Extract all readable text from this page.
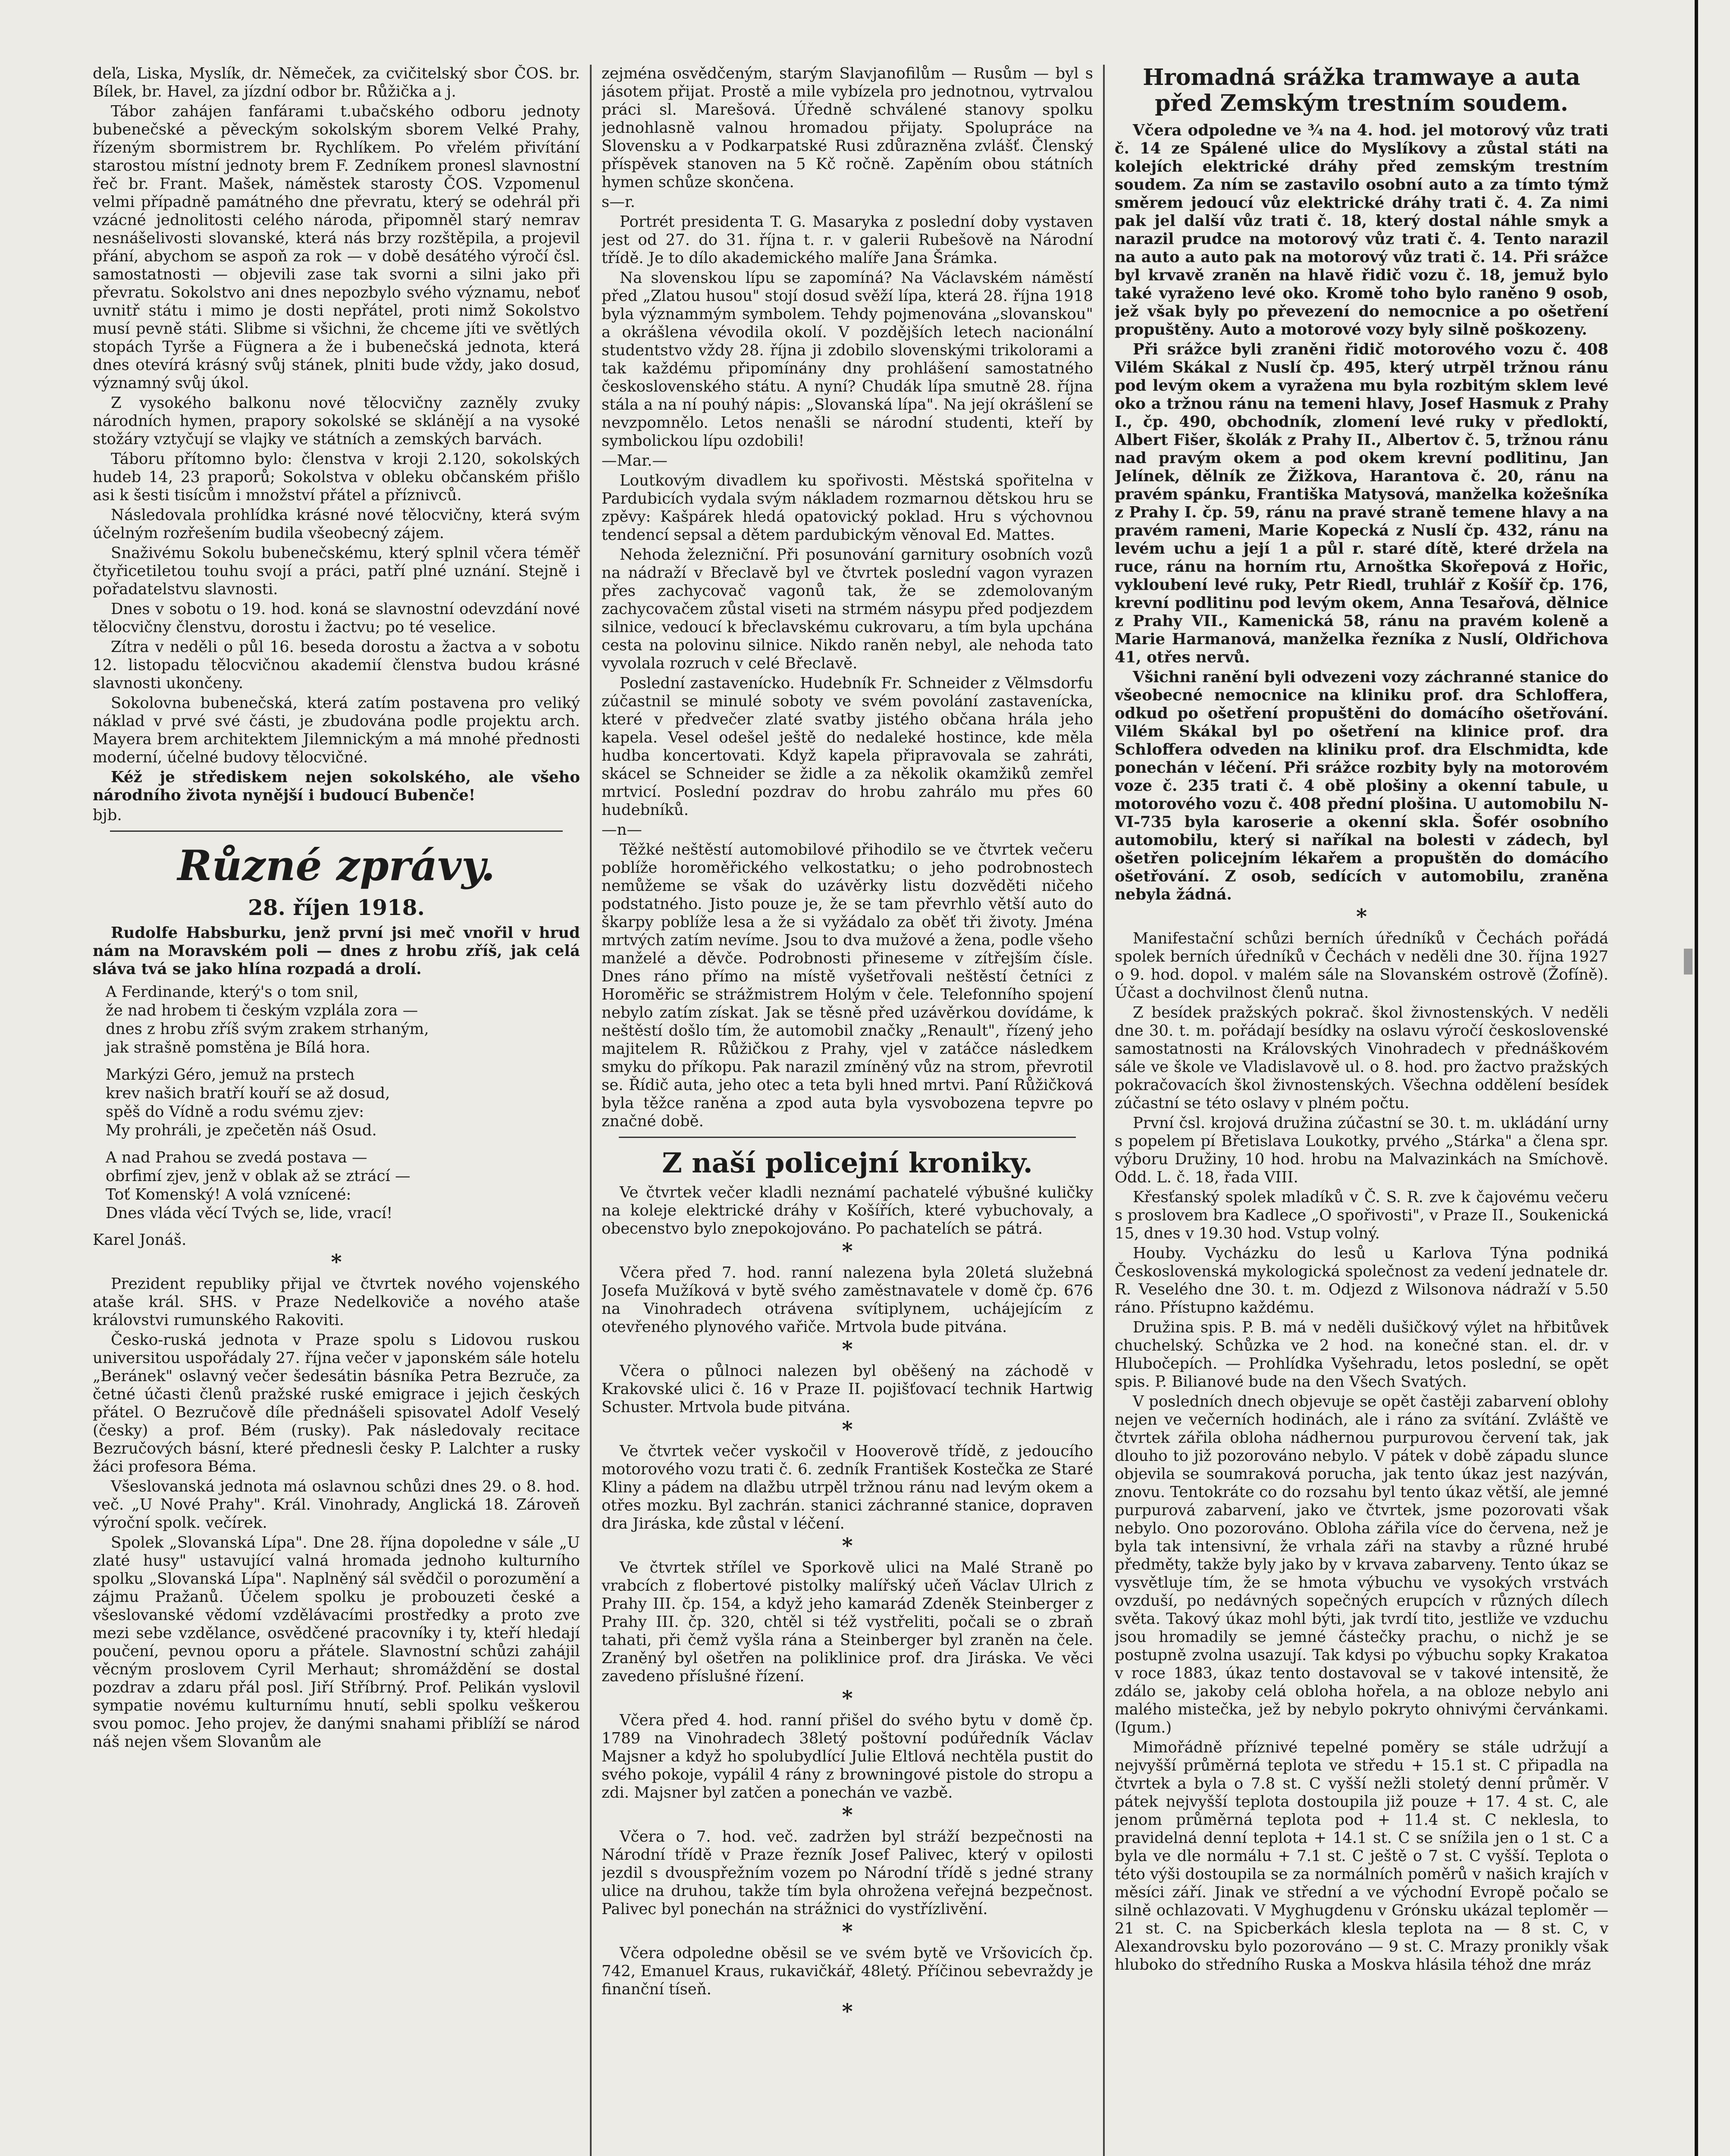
deľa, Liska, Myslík, dr. Němeček, za cvičitelský sbor ČOS. br. Bílek, br. Havel, za jízdní odbor br. Růžička a j.

Tábor zahájen fanfárami t.ubačského odboru jednoty bubenečské a pěveckým sokolským sborem Velké Prahy, řízeným sbormistrem br. Rychlíkem. Po vřelém přivítání starostou místní jednoty brem F. Zedníkem pronesl slavnostní řeč br. Frant. Mašek, náměstek starosty ČOS. Vzpomenul velmi případně památného dne převratu, který se odehrál při vzácné jednolitosti celého národa, připomněl starý nemrav nesnášelivosti slovanské, která nás brzy rozštěpila, a projevil přání, abychom se aspoň za rok — v době desátého výročí čsl. samostatnosti — objevili zase tak svorni a silni jako při převratu. Sokolstvo ani dnes nepozbylo svého významu, neboť uvnitř státu i mimo je dosti nepřátel, proti nimž Sokolstvo musí pevně státi. Slibme si všichni, že chceme jíti ve světlých stopách Tyrše a Fügnera a že i bubenečská jednota, která dnes otevírá krásný svůj stánek, plniti bude vždy, jako dosud, významný svůj úkol.

Z vysokého balkonu nové tělocvičny zazněly zvuky národních hymen, prapory sokolské se sklánějí a na vysoké stožáry vztyčují se vlajky ve státních a zemských barvách.

Táboru přítomno bylo: členstva v kroji 2.120, sokolských hudeb 14, 23 praporů; Sokolstva v obleku občanském přišlo asi k šesti tisícům i množství přátel a příznivců.

Následovala prohlídka krásné nové tělocvičny, která svým účelným rozřešením budila všeobecný zájem.

Snaživému Sokolu bubenečskému, který splnil včera téměř čtyřicetiletou touhu svojí a práci, patří plné uznání. Stejně i pořadatelstvu slavnosti.

Dnes v sobotu o 19. hod. koná se slavnostní odevzdání nové tělocvičny členstvu, dorostu i žactvu; po té veselice.

Zítra v neděli o půl 16. beseda dorostu a žactva a v sobotu 12. listopadu tělocvičnou akademií členstva budou krásné slavnosti ukončeny.

Sokolovna bubenečská, která zatím postavena pro veliký náklad v prvé své části, je zbudována podle projektu arch. Mayera brem architektem Jilemnickým a má mnohé přednosti moderní, účelné budovy tělocvičné.

Kéž je střediskem nejen sokolského, ale všeho národního života nynější i budoucí Bubenče!

bjb.

Různé zprávy.
28. říjen 1918.

Rudolfe Habsburku, jenž první jsi meč vnořil v hruď nám na Moravském poli — dnes z hrobu zříš, jak celá sláva tvá se jako hlína rozpadá a drolí.

A Ferdinande, který's o tom snil,
že nad hrobem ti českým vzplála zora —
dnes z hrobu zříš svým zrakem strhaným,
jak strašně pomstěna je Bílá hora.
Markýzi Géro, jemuž na prstech
krev našich bratří kouří se až dosud,
spěš do Vídně a rodu svému zjev:
My prohráli, je zpečetěn náš Osud.
A nad Prahou se zvedá postava —
obrfimí zjev, jenž v oblak až se ztrácí —
Toť Komenský! A volá vznícené:
Dnes vláda věcí Tvých se, lide, vrací!

Karel Jonáš.

*

Prezident republiky přijal ve čtvrtek nového vojenského ataše král. SHS. v Praze Nedelkoviče a nového ataše královstvi rumunského Rakoviti.

Česko-ruská jednota v Praze spolu s Lidovou ruskou universitou uspořádaly 27. října večer v japonském sále hotelu „Beránek" oslavný večer šedesátin básníka Petra Bezruče, za četné účasti členů pražské ruské emigrace i jejich českých přátel. O Bezručově díle přednášeli spisovatel Adolf Veselý (česky) a prof. Bém (rusky). Pak následovaly recitace Bezručových básní, které přednesli česky P. Lalchter a rusky žáci profesora Béma.

Všeslovanská jednota má oslavnou schůzi dnes 29. o 8. hod. več. „U Nové Prahy". Král. Vinohrady, Anglická 18. Zároveň výroční spolk. večírek.

Spolek „Slovanská Lípa". Dne 28. října dopoledne v sále „U zlaté husy" ustavující valná hromada jednoho kulturního spolku „Slovanská Lípa". Naplněný sál svědčil o porozumění a zájmu Pražanů. Účelem spolku je probouzeti české a všeslovanské vědomí vzdělávacími prostředky a proto zve mezi sebe vzdělance, osvědčené pracovníky i ty, kteří hledají poučení, pevnou oporu a přátele. Slavnostní schůzi zahájil věcným proslovem Cyril Merhaut; shromáždění se dostal pozdrav a zdaru přál posl. Jiří Stříbrný. Prof. Pelikán vyslovil sympatie novému kulturnímu hnutí, sebli spolku veškerou svou pomoc. Jeho projev, že danými snahami přiblíží se národ náš nejen všem Slovanům ale

zejména osvědčeným, starým Slavjanofilům — Rusům — byl s jásotem přijat. Prostě a mile vybízela pro jednotnou, vytrvalou práci sl. Marešová. Úředně schválené stanovy spolku jednohlasně valnou hromadou přijaty. Spolupráce na Slovensku a v Podkarpatské Rusi zdůrazněna zvlášť. Členský příspěvek stanoven na 5 Kč ročně. Zapěním obou státních hymen schůze skončena.

s—r.

Portrét presidenta T. G. Masaryka z poslední doby vystaven jest od 27. do 31. října t. r. v galerii Rubešově na Národní třídě. Je to dílo akademického malíře Jana Šrámka.

Na slovenskou lípu se zapomíná? Na Václavském náměstí před „Zlatou husou" stojí dosud svěží lípa, která 28. října 1918 byla význammým symbolem. Tehdy pojmenována „slovanskou" a okrášlena vévodila okolí. V pozdějších letech nacionální studentstvo vždy 28. října ji zdobilo slovenskými trikolorami a tak každému připomínány dny prohlášení samostatného československého státu. A nyní? Chudák lípa smutně 28. října stála a na ní pouhý nápis: „Slovanská lípa". Na její okrášlení se nevzpomnělo. Letos nenašli se národní studenti, kteří by symbolickou lípu ozdobili!

—Mar.—

Loutkovým divadlem ku spořivosti. Městská spořitelna v Pardubicích vydala svým nákladem rozmarnou dětskou hru se zpěvy: Kašpárek hledá opatovický poklad. Hru s výchovnou tendencí sepsal a dětem pardubickým věnoval Ed. Mattes.

Nehoda železniční. Při posunování garnitury osobních vozů na nádraží v Břeclavě byl ve čtvrtek poslední vagon vyrazen přes zachycovač vagonů tak, že se zdemolovaným zachycovačem zůstal viseti na strmém násypu před podjezdem silnice, vedoucí k břeclavskému cukrovaru, a tím byla upchána cesta na polovinu silnice. Nikdo raněn nebyl, ale nehoda tato vyvolala rozruch v celé Břeclavě.

Poslední zastavenícko. Hudebník Fr. Schneider z Vělmsdorfu zúčastnil se minulé soboty ve svém povolání zastavenícka, které v předvečer zlaté svatby jistého občana hrála jeho kapela. Vesel odešel ještě do nedaleké hostince, kde měla hudba koncertovati. Když kapela připravovala se zahráti, skácel se Schneider se židle a za několik okamžiků zemřel mrtvicí. Poslední pozdrav do hrobu zahrálo mu přes 60 hudebníků.

—n—

Těžké neštěstí automobilové přihodilo se ve čtvrtek večeru poblíže horoměřického velkostatku; o jeho podrobnostech nemůžeme se však do uzávěrky listu dozvěděti ničeho podstatného. Jisto pouze je, že se tam převrhlo větší auto do škarpy poblíže lesa a že si vyžádalo za oběť tři životy. Jména mrtvých zatím nevíme. Jsou to dva mužové a žena, podle všeho manželé a děvče. Podrobnosti přineseme v zítřejším čísle. Dnes ráno přímo na místě vyšetřovali neštěstí četníci z Horoměřic se strážmistrem Holým v čele. Telefonního spojení nebylo zatím získat. Jak se těsně před uzávěrkou dovídáme, k neštěstí došlo tím, že automobil značky „Renault", řízený jeho majitelem R. Růžičkou z Prahy, vjel v zatáčce následkem smyku do příkopu. Pak narazil zmíněný vůz na strom, převrotil se. Řídič auta, jeho otec a teta byli hned mrtvi. Paní Růžičková byla těžce raněna a zpod auta byla vysvobozena tepvre po značné době.

Z naší policejní kroniky.

Ve čtvrtek večer kladli neznámí pachatelé výbušné kuličky na koleje elektrické dráhy v Košířích, které vybuchovaly, a obecenstvo bylo znepokojováno. Po pachatelích se pátrá.

*

Včera před 7. hod. ranní nalezena byla 20letá služebná Josefa Mužíková v bytě svého zaměstnavatele v domě čp. 676 na Vinohradech otrávena svítiplynem, uchájejícím z otevřeného plynového vařiče. Mrtvola bude pitvána.

*

Včera o půlnoci nalezen byl oběšený na záchodě v Krakovské ulici č. 16 v Praze II. pojišťovací technik Hartwig Schuster. Mrtvola bude pitvána.

*

Ve čtvrtek večer vyskočil v Hooverově třídě, z jedoucího motorového vozu trati č. 6. zedník František Kostečka ze Staré Kliny a pádem na dlažbu utrpěl tržnou ránu nad levým okem a otřes mozku. Byl zachrán. stanici záchranné stanice, dopraven dra Jiráska, kde zůstal v léčení.

*

Ve čtvrtek střílel ve Sporkově ulici na Malé Straně po vrabcích z flobertové pistolky malířský učeň Václav Ulrich z Prahy III. čp. 154, a když jeho kamarád Zdeněk Steinberger z Prahy III. čp. 320, chtěl si též vystřeliti, počali se o zbraň tahati, při čemž vyšla rána a Steinberger byl zraněn na čele. Zraněný byl ošetřen na poliklinice prof. dra Jiráska. Ve věci zavedeno příslušné řízení.

*

Včera před 4. hod. ranní přišel do svého bytu v domě čp. 1789 na Vinohradech 38letý poštovní podúředník Václav Majsner a když ho spolubydlící Julie Eltlová nechtěla pustit do svého pokoje, vypálil 4 rány z browningové pistole do stropu a zdi. Majsner byl zatčen a ponechán ve vazbě.

*

Včera o 7. hod. več. zadržen byl stráží bezpečnosti na Národní třídě v Praze řezník Josef Palivec, který v opilosti jezdil s dvouspřežním vozem po Národní třídě s jedné strany ulice na druhou, takže tím byla ohrožena veřejná bezpečnost. Palivec byl ponechán na strážnici do vystřízlivění.

*

Včera odpoledne oběsil se ve svém bytě ve Vršovicích čp. 742, Emanuel Kraus, rukavičkář, 48letý. Příčinou sebevraždy je finanční tíseň.

*
Hromadná srážka tramwaye a auta před Zemským trestním soudem.

Včera odpoledne ve ¾ na 4. hod. jel motorový vůz trati č. 14 ze Spálené ulice do Myslíkovy a zůstal státi na kolejích elektrické dráhy před zemským trestním soudem. Za ním se zastavilo osobní auto a za tímto týmž směrem jedoucí vůz elektrické dráhy trati č. 4. Za nimi pak jel další vůz trati č. 18, který dostal náhle smyk a narazil prudce na motorový vůz trati č. 4. Tento narazil na auto a auto pak na motorový vůz trati č. 14. Při srážce byl krvavě zraněn na hlavě řidič vozu č. 18, jemuž bylo také vyraženo levé oko. Kromě toho bylo raněno 9 osob, jež však byly po převezení do nemocnice a po ošetření propuštěny. Auto a motorové vozy byly silně poškozeny.

Při srážce byli zraněni řidič motorového vozu č. 408 Vilém Skákal z Nuslí čp. 495, který utrpěl tržnou ránu pod levým okem a vyražena mu byla rozbitým sklem levé oko a tržnou ránu na temeni hlavy, Josef Hasmuk z Prahy I., čp. 490, obchodník, zlomení levé ruky v předloktí, Albert Fišer, školák z Prahy II., Albertov č. 5, tržnou ránu nad pravým okem a pod okem krevní podlitinu, Jan Jelínek, dělník ze Žižkova, Harantova č. 20, ránu na pravém spánku, Františka Matysová, manželka kožešníka z Prahy I. čp. 59, ránu na pravé straně temene hlavy a na pravém rameni, Marie Kopecká z Nuslí čp. 432, ránu na levém uchu a její 1 a půl r. staré dítě, které držela na ruce, ránu na horním rtu, Arnoštka Skořepová z Hořic, vykloubení levé ruky, Petr Riedl, truhlář z Košíř čp. 176, krevní podlitinu pod levým okem, Anna Tesařová, dělnice z Prahy VII., Kamenická 58, ránu na pravém koleně a Marie Harmanová, manželka řezníka z Nuslí, Oldřichova 41, otřes nervů.

Všichni ranění byli odvezeni vozy záchranné stanice do všeobecné nemocnice na kliniku prof. dra Schloffera, odkud po ošetření propuštěni do domácího ošetřování. Vilém Skákal byl po ošetření na klinice prof. dra Schloffera odveden na kliniku prof. dra Elschmidta, kde ponechán v léčení. Při srážce rozbity byly na motorovém voze č. 235 trati č. 4 obě plošiny a okenní tabule, u motorového vozu č. 408 přední plošina. U automobilu N-VI-735 byla karoserie a okenní skla. Šofér osobního automobilu, který si naříkal na bolesti v zádech, byl ošetřen policejním lékařem a propuštěn do domácího ošetřování. Z osob, sedících v automobilu, zraněna nebyla žádná.

*

Manifestační schůzi berních úředníků v Čechách pořádá spolek berních úředníků v Čechách v neděli dne 30. října 1927 o 9. hod. dopol. v malém sále na Slovanském ostrově (Žofíně). Účast a dochvilnost členů nutna.

Z besídek pražských pokrač. škol živnostenských. V neděli dne 30. t. m. pořádají besídky na oslavu výročí československé samostatnosti na Královských Vinohradech v přednáškovém sále ve škole ve Vladislavově ul. o 8. hod. pro žactvo pražských pokračovacích škol živnostenských. Všechna oddělení besídek zúčastní se této oslavy v plném počtu.

První čsl. krojová družina zúčastní se 30. t. m. ukládání urny s popelem pí Břetislava Loukotky, prvého „Stárka" a člena spr. výboru Družiny, 10 hod. hrobu na Malvazinkách na Smíchově. Odd. L. č. 18, řada VIII.

Křesťanský spolek mladíků v Č. S. R. zve k čajovému večeru s proslovem bra Kadlece „O spořivosti", v Praze II., Soukenická 15, dnes v 19.30 hod. Vstup volný.

Houby. Vycházku do lesů u Karlova Týna podniká Československá mykologická společnost za vedení jednatele dr. R. Veselého dne 30. t. m. Odjezd z Wilsonova nádraží v 5.50 ráno. Přístupno každému.

Družina spis. P. B. má v neděli dušičkový výlet na hřbitůvek chuchelský. Schůzka ve 2 hod. na konečné stan. el. dr. v Hlubočepích. — Prohlídka Vyšehradu, letos poslední, se opět spis. P. Bilianové bude na den Všech Svatých.

V posledních dnech objevuje se opět častěji zabarvení oblohy nejen ve večerních hodinách, ale i ráno za svítání. Zvláště ve čtvrtek zářila obloha nádhernou purpurovou červení tak, jak dlouho to již pozorováno nebylo. V pátek v době západu slunce objevila se soumraková porucha, jak tento úkaz jest nazýván, znovu. Tentokráte co do rozsahu byl tento úkaz větší, ale jemné purpurová zabarvení, jako ve čtvrtek, jsme pozorovati však nebylo. Ono pozorováno. Obloha zářila více do červena, než je byla tak intensivní, že vrhala záři na stavby a různé hrubé předměty, takže byly jako by v krvava zabarveny. Tento úkaz se vysvětluje tím, že se hmota výbuchu ve vysokých vrstvách ovzduší, po nedávných sopečných erupcích v různých dílech světa. Takový úkaz mohl býti, jak tvrdí tito, jestliže ve vzduchu jsou hromadily se jemné částečky prachu, o nichž je se postupně zvolna usazují. Tak kdysi po výbuchu sopky Krakatoa v roce 1883, úkaz tento dostavoval se v takové intensitě, že zdálo se, jakoby celá obloha hořela, a na obloze nebylo ani malého mistečka, jež by nebylo pokryto ohnivými červánkami. (Igum.)

Mimořádně příznivé tepelné poměry se stále udržují a nejvyšší průměrná teplota ve středu + 15.1 st. C připadla na čtvrtek a byla o 7.8 st. C vyšší nežli stoletý denní průměr. V pátek nejvyšší teplota dostoupila již pouze + 17. 4 st. C, ale jenom průměrná teplota pod + 11.4 st. C neklesla, to pravidelná denní teplota + 14.1 st. C se snížila jen o 1 st. C a byla ve dle normálu + 7.1 st. C ještě o 7 st. C vyšší. Teplota o této výši dostoupila se za normálních poměrů v našich krajích v měsíci září. Jinak ve střední a ve východní Evropě počalo se silně ochlazovati. V Myghugdenu v Grónsku ukázal teploměr — 21 st. C. na Spicberkách klesla teplota na — 8 st. C, v Alexandrovsku bylo pozorováno — 9 st. C. Mrazy pronikly však hluboko do středního Ruska a Moskva hlásila téhož dne mráz
